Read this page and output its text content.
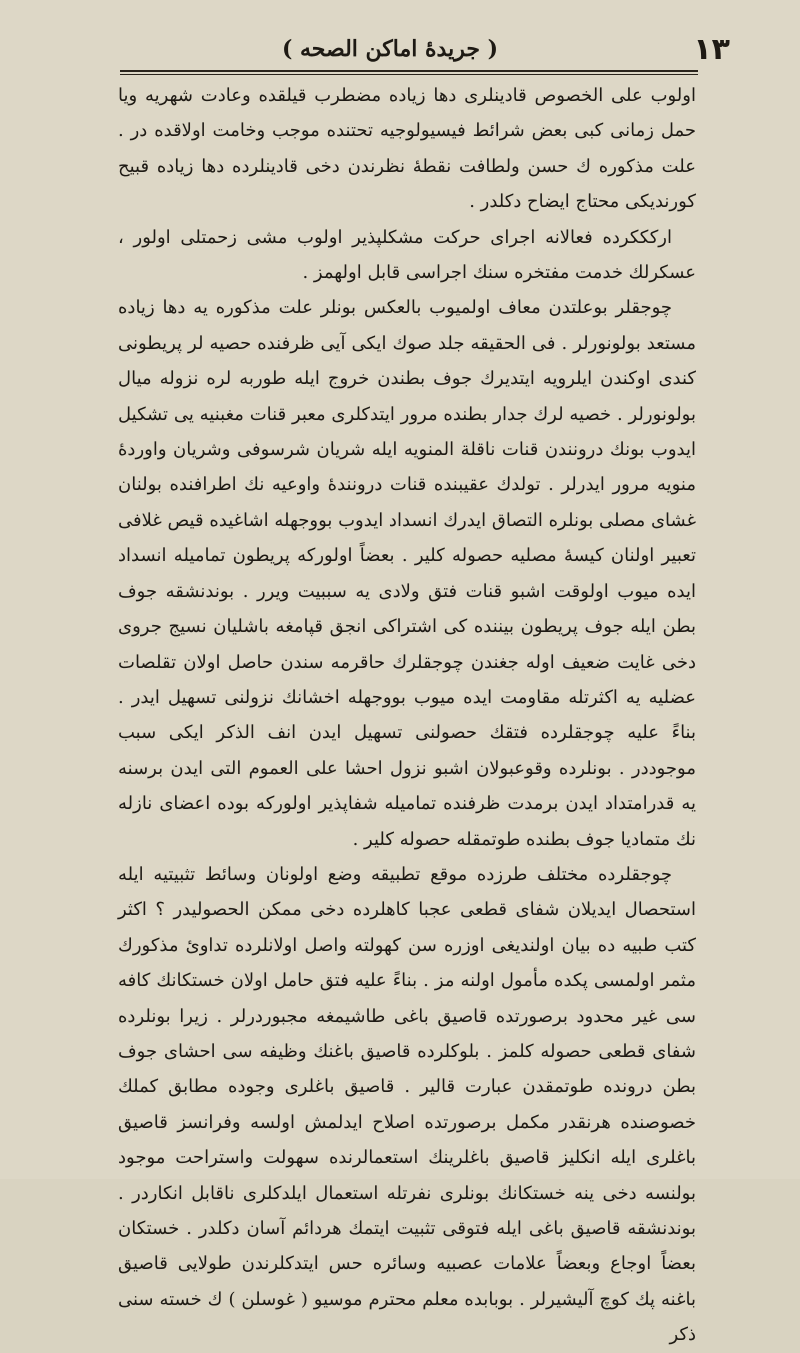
١٣
( جريدهٔ اماكن الصحه )

اولوب على الخصوص قادينلرى دها زياده مضطرب قيلقده وعادت شهريه ويا حمل زمانى كبى بعض شرائط فيسيولوجيه تحتنده موجب وخامت اولاقده در . علت مذكوره ك حسن ولطافت نقطهٔ نظرندن دخى قادينلرده دها زياده قبيح كورنديكى محتاج ايضاح دكلدر .

اركككرده فعالانه اجراى حركت مشكلپذير اولوب مشى زحمتلى اولور ، عسكرلك خدمت مفتخره سنك اجراسى قابل اولهمز .

چوجقلر بوعلتدن معاف اولميوب بالعكس بونلر علت مذكوره يه دها زياده مستعد بولونورلر . فى الحقيقه جلد صوك ايكى آيى ظرفنده حصيه لر پريطونى كندى اوكندن ايلرويه ايتديرك جوف بطندن خروج ايله طوربه لره نزوله ميال بولونورلر . خصيه لرك جدار بطنده مرور ايتدكلرى معبر قنات مغبنيه يى تشكيل ايدوب بونك درونندن قنات ناقلة المنويه ايله شريان شرسوفى وشريان واوردهٔ منويه مرور ايدرلر . تولدك عقيبنده قنات درونندهٔ واوعيه نك اطرافنده بولنان غشاى مصلى بونلره التصاق ايدرك انسداد ايدوب بووجهله اشاغيده قيص غلافى تعبير اولنان كيسهٔ مصليه حصوله كلير . بعضاً اولوركه پريطون تماميله انسداد ايده ميوب اولوقت اشبو قنات فتق ولادى يه سببيت ويرر . بوندنشقه جوف بطن ايله جوف پريطون بيننده كى اشتراكى انجق قپامغه باشليان نسيج جروى دخى غايت ضعيف اوله جغندن چوجقلرك حاقرمه سندن حاصل اولان تقلصات عضليه يه اكثرتله مقاومت ايده ميوب بووجهله اخشانك نزولنى تسهيل ايدر . بناءً عليه چوجقلرده فتقك حصولنى تسهيل ايدن انف الذكر ايكى سبب موجوددر . بونلرده وقوعبولان اشبو نزول احشا على العموم التى ايدن برسنه يه قدرامتداد ايدن برمدت ظرفنده تماميله شفاپذير اولوركه بوده اعضاى نازله نك متماديا جوف بطنده طوتمقله حصوله كلير .

چوجقلرده مختلف طرزده موقع تطبيقه وضع اولونان وسائط تثبيتيه ايله استحصال ايديلان شفاى قطعى عجبا كاهلرده دخى ممكن الحصوليدر ؟ اكثر كتب طبيه ده بيان اولنديغى اوزره سن كهولته واصل اولانلرده تداوئ مذكورك مثمر اولمسى پكده مأمول اولنه مز . بناءً عليه فتق حامل اولان خستكانك كافه سى غير محدود برصورتده قاصيق باغى طاشيمغه مجبوردرلر . زيرا بونلرده شفاى قطعى حصوله كلمز . بلوكلرده قاصيق باغنك وظيفه سى احشاى جوف بطن درونده طوتمقدن عبارت قالير . قاصيق باغلرى وجوده مطابق كملك خصوصنده هرنقدر مكمل برصورتده اصلاح ايدلمش اولسه وفرانسز قاصيق باغلرى ايله انكليز قاصيق باغلرينك استعمالرنده سهولت واستراحت موجود بولنسه دخى ينه خستكانك بونلرى نفرتله استعمال ايلدكلرى ناقابل انكاردر . بوندنشقه قاصيق باغى ايله فتوقى تثبيت ايتمك هردائم آسان دكلدر . خستكان بعضاً اوجاع وبعضاً علامات عصبيه وسائره حس ايتدكلرندن طولايى قاصيق باغنه پك كوچ آليشيرلر . بوبابده معلم محترم موسيو ( غوسلن ) ك خسته سنى ذكر
